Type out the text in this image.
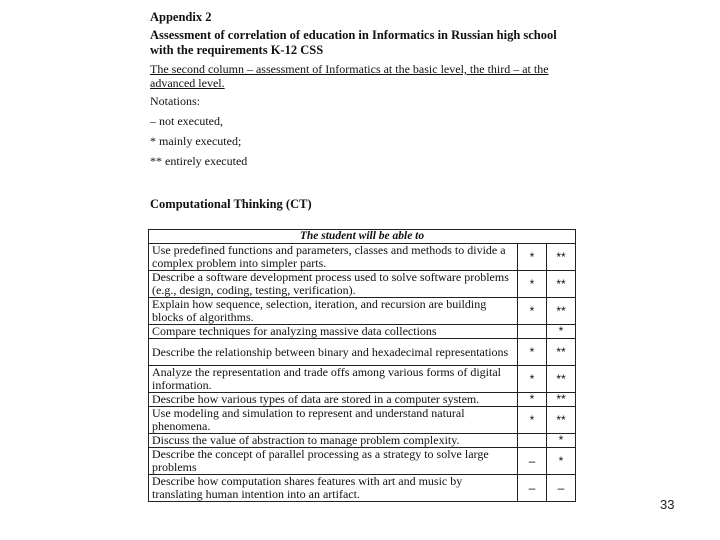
Appendix 2
Assessment of correlation of education in Informatics in Russian high school
with the requirements K-12 CSS
The second column – assessment of Informatics at the basic level, the third – at the
advanced level.
Notations:
– not executed,
* mainly executed;
** entirely executed
Computational Thinking (CT)
The student will be able to		
Use predefined functions and parameters, classes and methods to divide a complex problem into simpler parts.	*	**
Describe a software development process used to solve software problems (e.g., design, coding, testing, verification).	*	**
Explain how sequence, selection, iteration, and recursion are building blocks of algorithms.	*	**
Compare techniques for analyzing massive data collections		*
Describe the relationship between binary and hexadecimal representations	*	**
Analyze the representation and trade offs among various forms of digital information.	*	**
Describe how various types of data are stored in a computer system.	*	**
Use modeling and simulation to represent and understand natural phenomena.	*	**
Discuss the value of abstraction to manage problem complexity.		*
Describe the concept of parallel processing as a strategy to solve large problems	–	*
Describe how computation shares features with art and music by translating human intention into an artifact.	–	–
33
